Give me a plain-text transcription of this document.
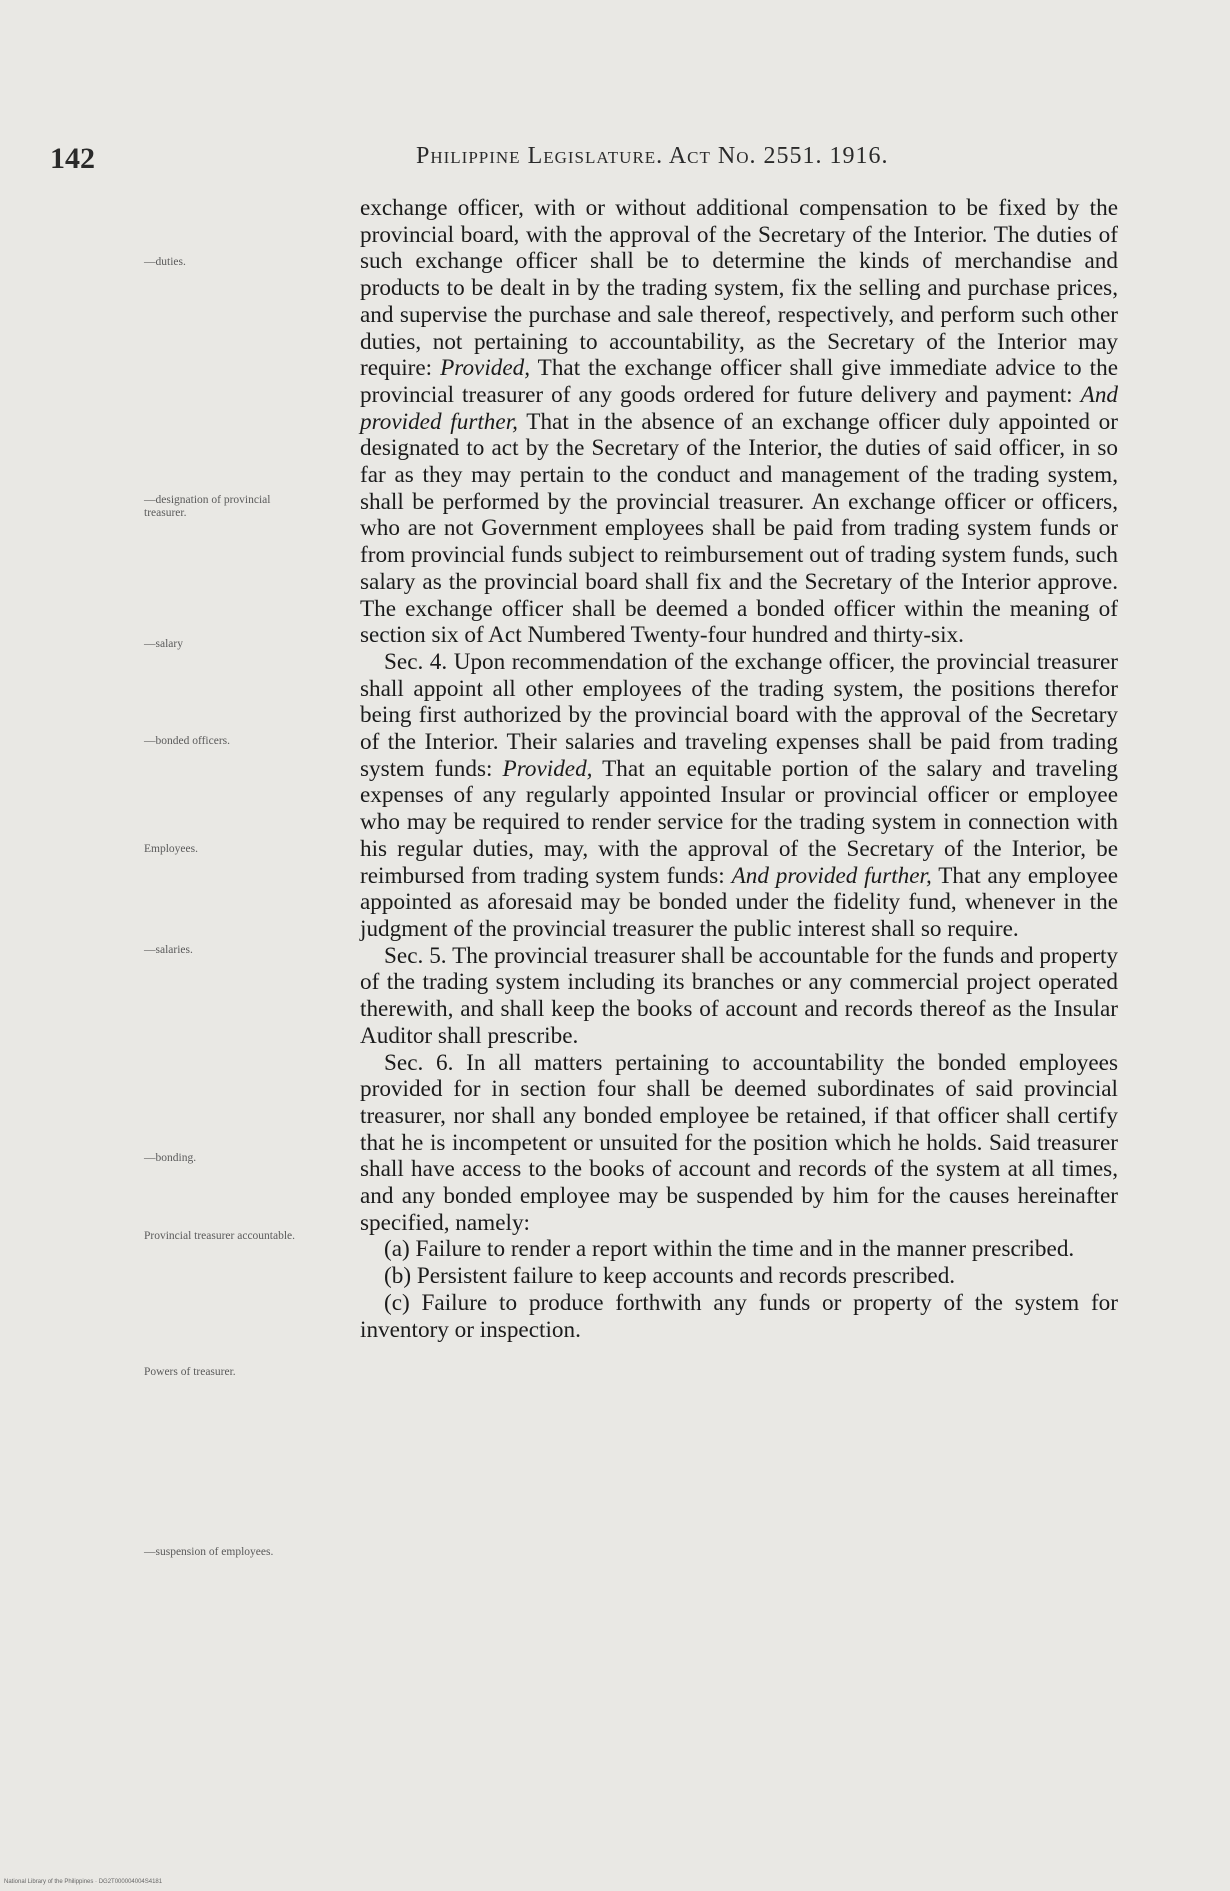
142	Philippine Legislature. Act No. 2551. 1916.
—duties.
—designation of provincial treasurer.
—salary
—bonded officers.
Employees.
—salaries.
—bonding.
Provincial treasurer accountable.
Powers of treasurer.
—suspension of employees.

exchange officer, with or without additional compensation to be fixed by the provincial board, with the approval of the Secretary of the Interior. The duties of such exchange officer shall be to determine the kinds of merchandise and products to be dealt in by the trading system, fix the selling and purchase prices, and supervise the purchase and sale thereof, respectively, and perform such other duties, not pertaining to accountability, as the Secretary of the Interior may require: Provided, That the exchange officer shall give immediate advice to the provincial treasurer of any goods ordered for future delivery and payment: And provided further, That in the absence of an exchange officer duly appointed or designated to act by the Secretary of the Interior, the duties of said officer, in so far as they may pertain to the conduct and management of the trading system, shall be performed by the provincial treasurer. An exchange officer or officers, who are not Government employees shall be paid from trading system funds or from provincial funds subject to reimbursement out of trading system funds, such salary as the provincial board shall fix and the Secretary of the Interior approve. The exchange officer shall be deemed a bonded officer within the meaning of section six of Act Numbered Twenty-four hundred and thirty-six.

Sec. 4. Upon recommendation of the exchange officer, the provincial treasurer shall appoint all other employees of the trading system, the positions therefor being first authorized by the provincial board with the approval of the Secretary of the Interior. Their salaries and traveling expenses shall be paid from trading system funds: Provided, That an equitable portion of the salary and traveling expenses of any regularly appointed Insular or provincial officer or employee who may be required to render service for the trading system in connection with his regular duties, may, with the approval of the Secretary of the Interior, be reimbursed from trading system funds: And provided further, That any employee appointed as aforesaid may be bonded under the fidelity fund, whenever in the judgment of the provincial treasurer the public interest shall so require.

Sec. 5. The provincial treasurer shall be accountable for the funds and property of the trading system including its branches or any commercial project operated therewith, and shall keep the books of account and records thereof as the Insular Auditor shall prescribe.

Sec. 6. In all matters pertaining to accountability the bonded employees provided for in section four shall be deemed subordinates of said provincial treasurer, nor shall any bonded employee be retained, if that officer shall certify that he is incompetent or unsuited for the position which he holds. Said treasurer shall have access to the books of account and records of the system at all times, and any bonded employee may be suspended by him for the causes hereinafter specified, namely:

(a) Failure to render a report within the time and in the manner prescribed.

(b) Persistent failure to keep accounts and records prescribed.

(c) Failure to produce forthwith any funds or property of the system for inventory or inspection.

National Library of the Philippines · DG2T000004004S4181
